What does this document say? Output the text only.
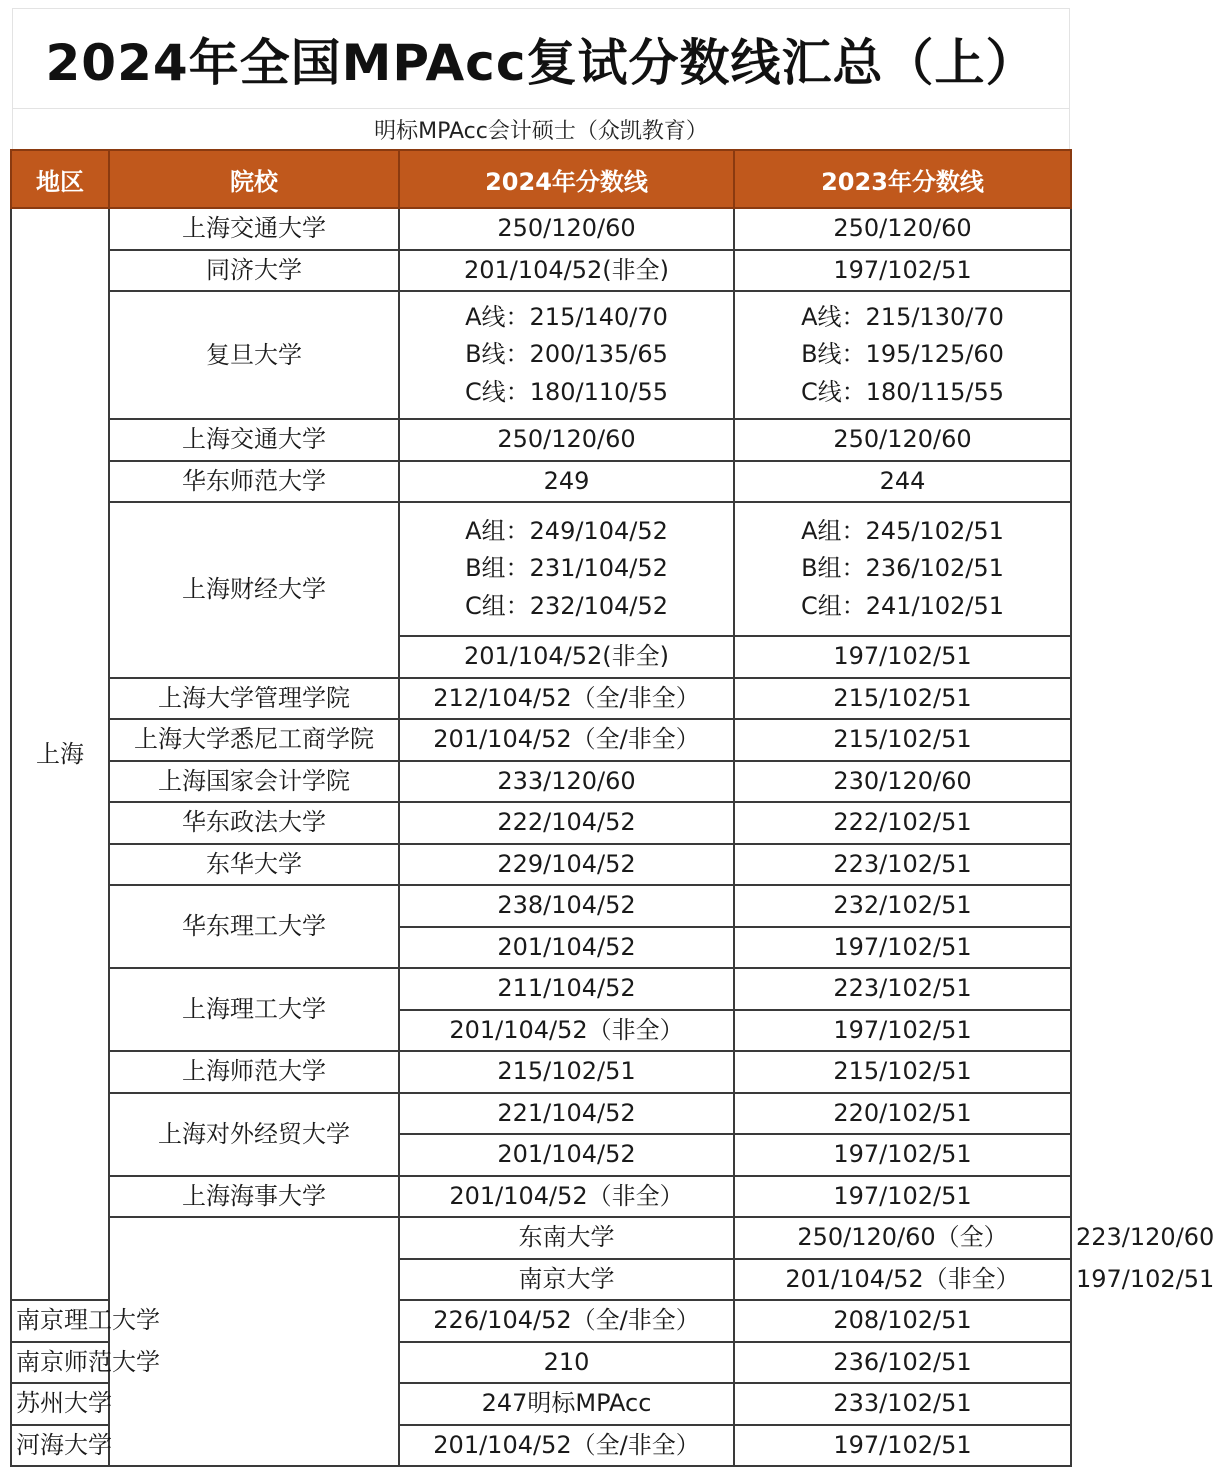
2024年全国MPAcc复试分数线汇总（上）
明标MPAcc会计硕士（众凯教育）
地区	院校	2024年分数线	2023年分数线	
上海	上海交通大学	250/120/60	250/120/60	
	同济大学	201/104/52(非全)	197/102/51	
	复旦大学	A线：215/140/70
B线：200/135/65
C线：180/110/55	A线：215/130/70
B线：195/125/60
C线：180/115/55	

	上海交通大学	250/120/60	250/120/60	
	华东师范大学	249	244	
	上海财经大学	A组：249/104/52
B组：231/104/52
C组：232/104/52	A组：245/102/51
B组：236/102/51
C组：241/102/51	

		201/104/52(非全)	197/102/51	
	上海大学管理学院	212/104/52（全/非全）	215/102/51	
	上海大学悉尼工商学院	201/104/52（全/非全）	215/102/51	
	上海国家会计学院	233/120/60	230/120/60	
	华东政法大学	222/104/52	222/102/51	
	东华大学	229/104/52	223/102/51	
	华东理工大学	238/104/52	232/102/51	
		201/104/52	197/102/51	
	上海理工大学	211/104/52	223/102/51	
		201/104/52（非全）	197/102/51	
	上海师范大学	215/102/51	215/102/51	
	上海对外经贸大学	221/104/52	220/102/51	
		201/104/52	197/102/51	
	上海海事大学	201/104/52（非全）	197/102/51	
		东南大学	250/120/60（全）	223/120/60
		南京大学	201/104/52（非全）	197/102/51
南京理工大学		226/104/52（全/非全）	208/102/51	
南京师范大学		210	236/102/51	
苏州大学		247明标MPAcc	233/102/51	
河海大学		201/104/52（全/非全）	197/102/51	
